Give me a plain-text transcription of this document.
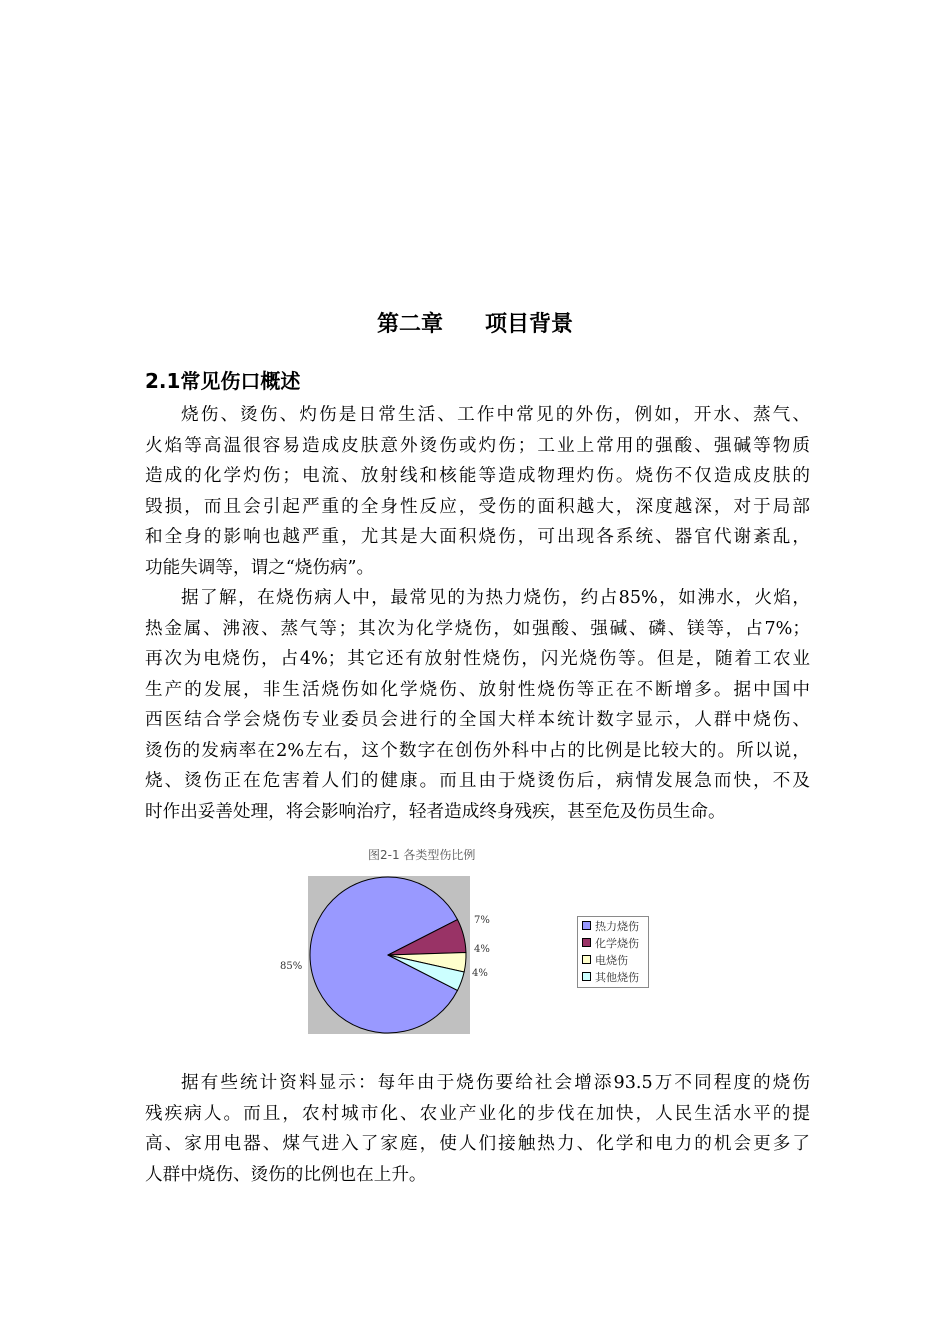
第二章 项目背景
2.1常见伤口概述
烧伤、烫伤、灼伤是日常生活、工作中常见的外伤，例如，开水、蒸气、
火焰等高温很容易造成皮肤意外烫伤或灼伤；工业上常用的强酸、强碱等物质
造成的化学灼伤；电流、放射线和核能等造成物理灼伤。烧伤不仅造成皮肤的
毁损，而且会引起严重的全身性反应，受伤的面积越大，深度越深，对于局部
和全身的影响也越严重，尤其是大面积烧伤，可出现各系统、器官代谢紊乱，
功能失调等，谓之“烧伤病”。
据了解，在烧伤病人中，最常见的为热力烧伤，约占85%，如沸水，火焰，
热金属、沸液、蒸气等；其次为化学烧伤，如强酸、强碱、磷、镁等，占7%；
再次为电烧伤，占4%；其它还有放射性烧伤，闪光烧伤等。但是，随着工农业
生产的发展，非生活烧伤如化学烧伤、放射性烧伤等正在不断增多。据中国中
西医结合学会烧伤专业委员会进行的全国大样本统计数字显示，人群中烧伤、
烫伤的发病率在2%左右，这个数字在创伤外科中占的比例是比较大的。所以说，
烧、烫伤正在危害着人们的健康。而且由于烧烫伤后，病情发展急而快，不及
时作出妥善处理，将会影响治疗，轻者造成终身残疾，甚至危及伤员生命。
图2-1 各类型伤比例
85%
7%
4%
4%
热力烧伤
化学烧伤
电烧伤
其他烧伤
据有些统计资料显示：每年由于烧伤要给社会增添93.5万不同程度的烧伤
残疾病人。而且，农村城市化、农业产业化的步伐在加快，人民生活水平的提
高、家用电器、煤气进入了家庭，使人们接触热力、化学和电力的机会更多了
人群中烧伤、烫伤的比例也在上升。
